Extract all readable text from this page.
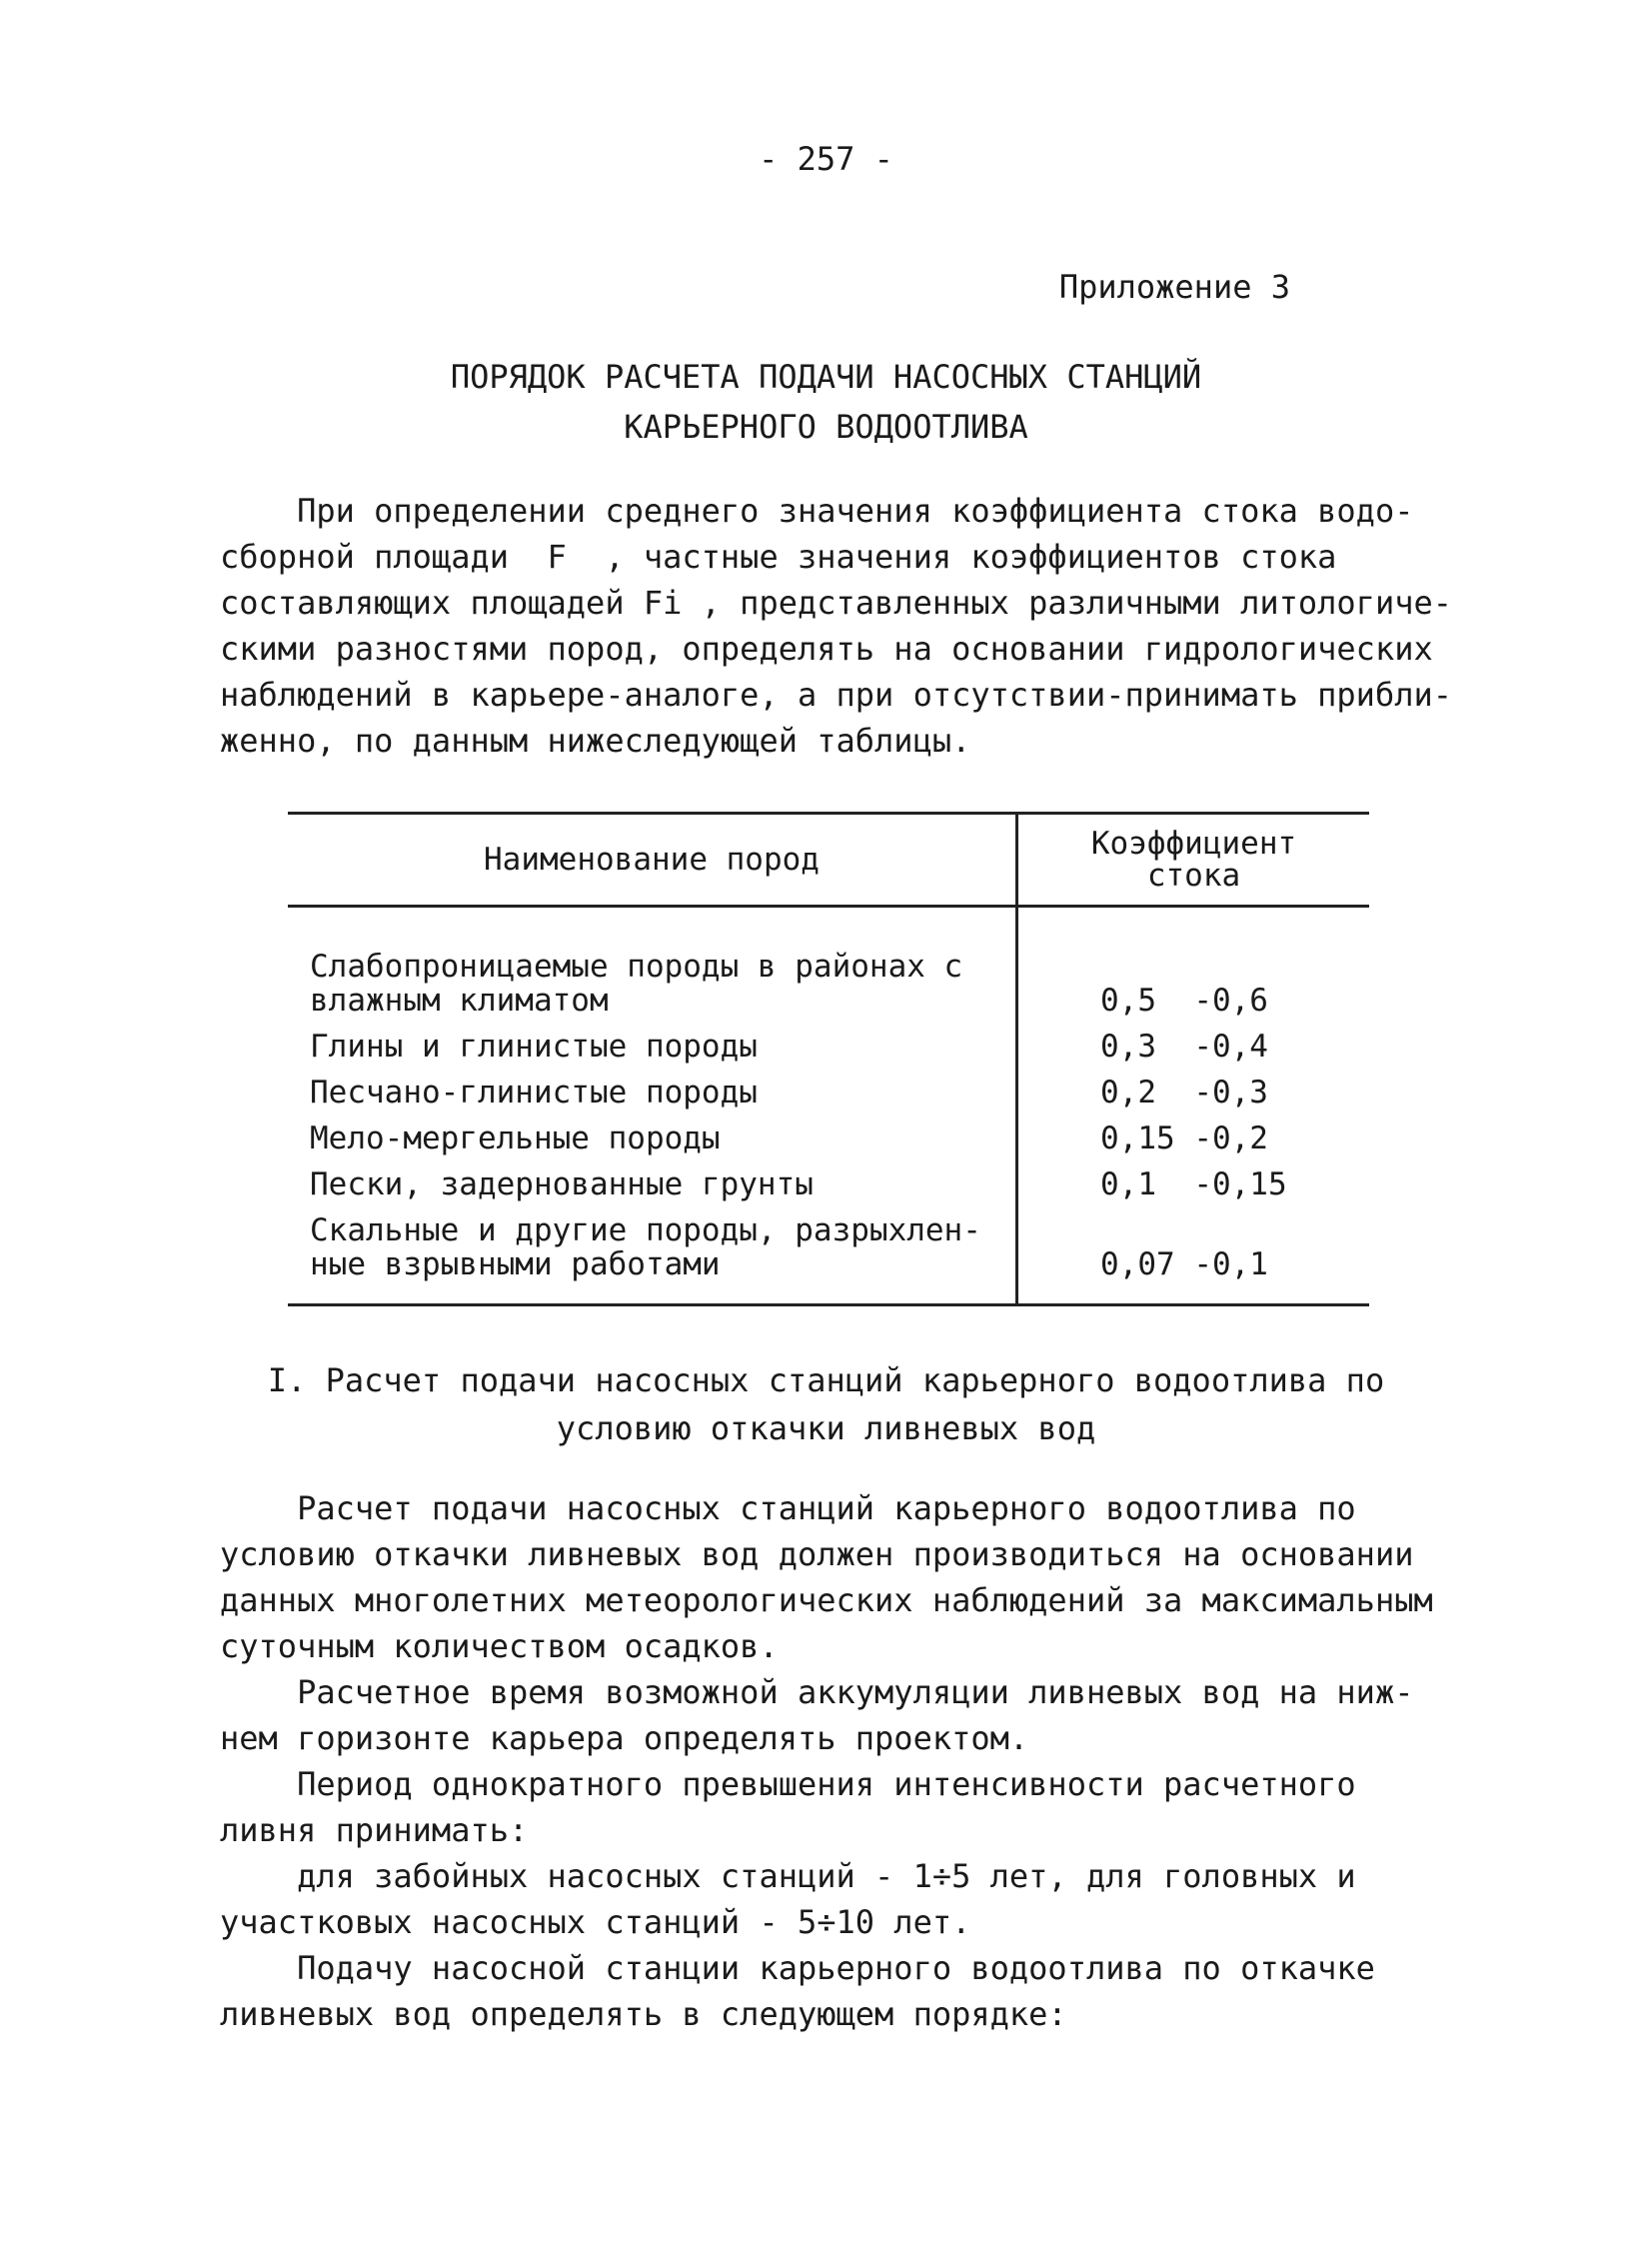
- 257 -
Приложение 3
ПОРЯДОК РАСЧЕТА ПОДАЧИ НАСОСНЫХ СТАНЦИЙ
КАРЬЕРНОГО ВОДООТЛИВА
При определении среднего значения коэффициента стока водо-
сборной площади  F  , частные значения коэффициентов стока
составляющих площадей Fi , представленных различными литологиче-
скими разностями пород, определять на основании гидрологических
наблюдений в карьере-аналоге, а при отсутствии-принимать прибли-
женно, по данным нижеследующей таблицы.
Наименование пород	Коэффициент
стока

Слабопроницаемые породы в районах с
влажным климатом	0,5  -0,6

Глины и глинистые породы	0,3  -0,4

Песчано-глинистые породы	0,2  -0,3

Мело-мергельные породы	0,15 -0,2

Пески, задернованные грунты	0,1  -0,15

Скальные и другие породы, разрыхлен-
ные взрывными работами	0,07 -0,1
I. Расчет подачи насосных станций карьерного водоотлива по
условию откачки ливневых вод
Расчет подачи насосных станций карьерного водоотлива по
условию откачки ливневых вод должен производиться на основании
данных многолетних метеорологических наблюдений за максимальным
суточным количеством осадков.
Расчетное время возможной аккумуляции ливневых вод на ниж-
нем горизонте карьера определять проектом.
Период однократного превышения интенсивности расчетного
ливня принимать:
для забойных насосных станций - 1÷5 лет, для головных и
участковых насосных станций - 5÷10 лет.
Подачу насосной станции карьерного водоотлива по откачке
ливневых вод определять в следующем порядке:
